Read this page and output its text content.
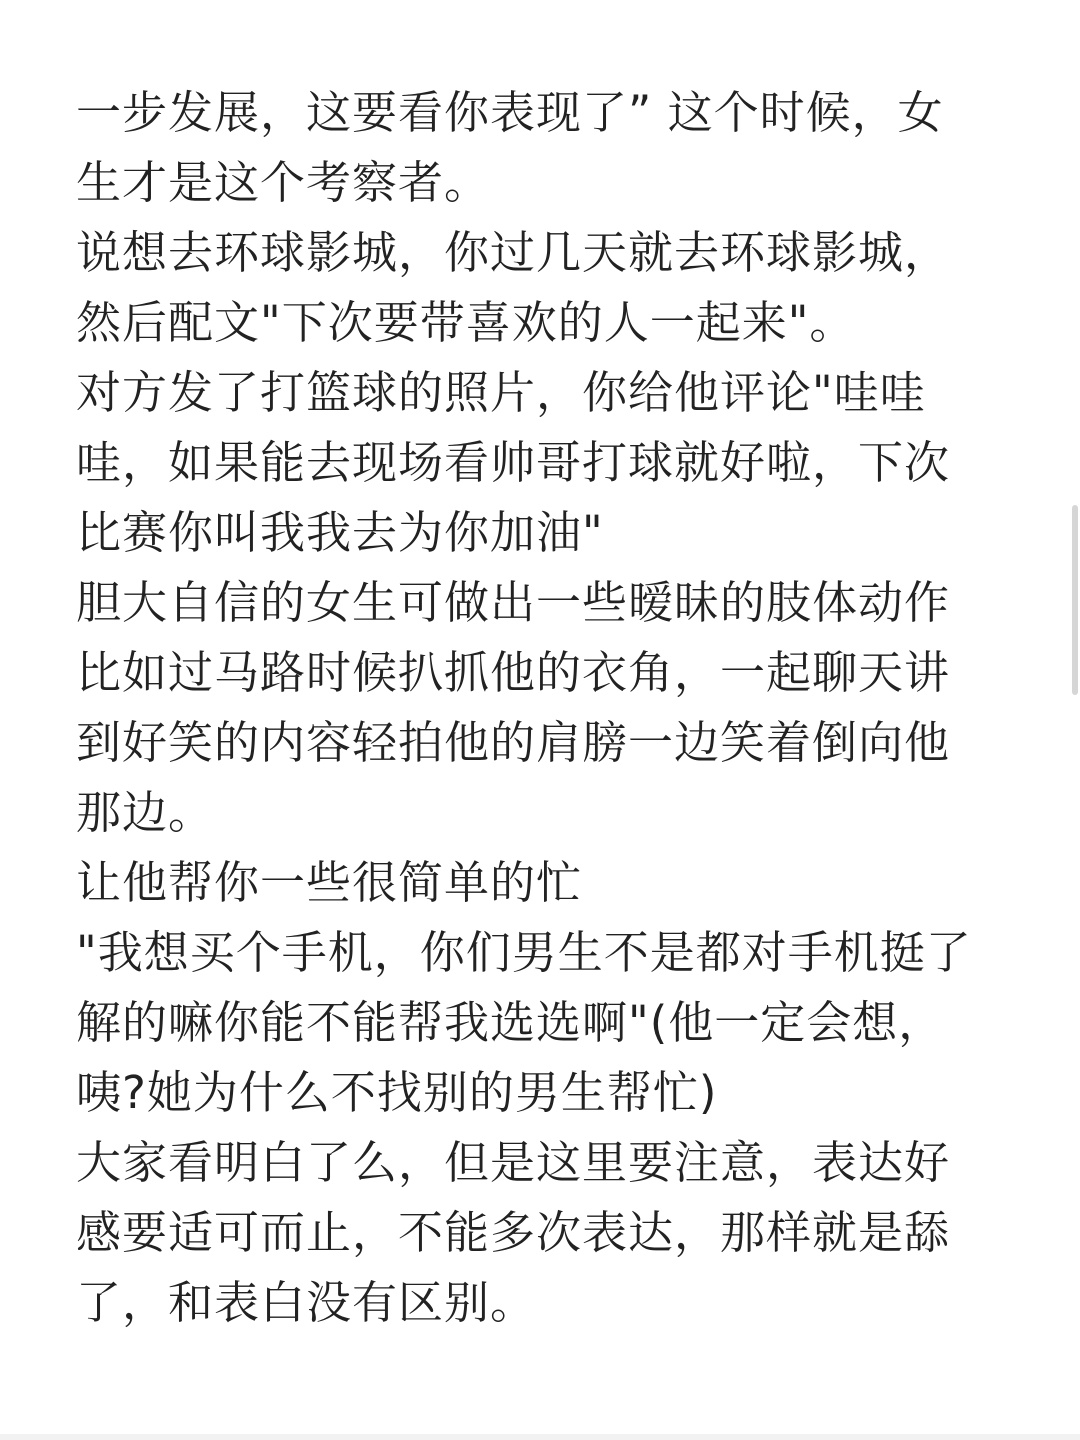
一步发展，这要看你表现了” 这个时候，女
生才是这个考察者。
说想去环球影城，你过几天就去环球影城，
然后配文"下次要带喜欢的人一起来"。
对方发了打篮球的照片，你给他评论"哇哇
哇，如果能去现场看帅哥打球就好啦，下次
比赛你叫我我去为你加油"
胆大自信的女生可做出一些暧昧的肢体动作
比如过马路时候扒抓他的衣角，一起聊天讲
到好笑的内容轻拍他的肩膀一边笑着倒向他
那边。
让他帮你一些很简单的忙
"我想买个手机，你们男生不是都对手机挺了
解的嘛你能不能帮我选选啊"(他一定会想，
咦?她为什么不找别的男生帮忙)
大家看明白了么，但是这里要注意，表达好
感要适可而止，不能多次表达，那样就是舔
了，和表白没有区别。
